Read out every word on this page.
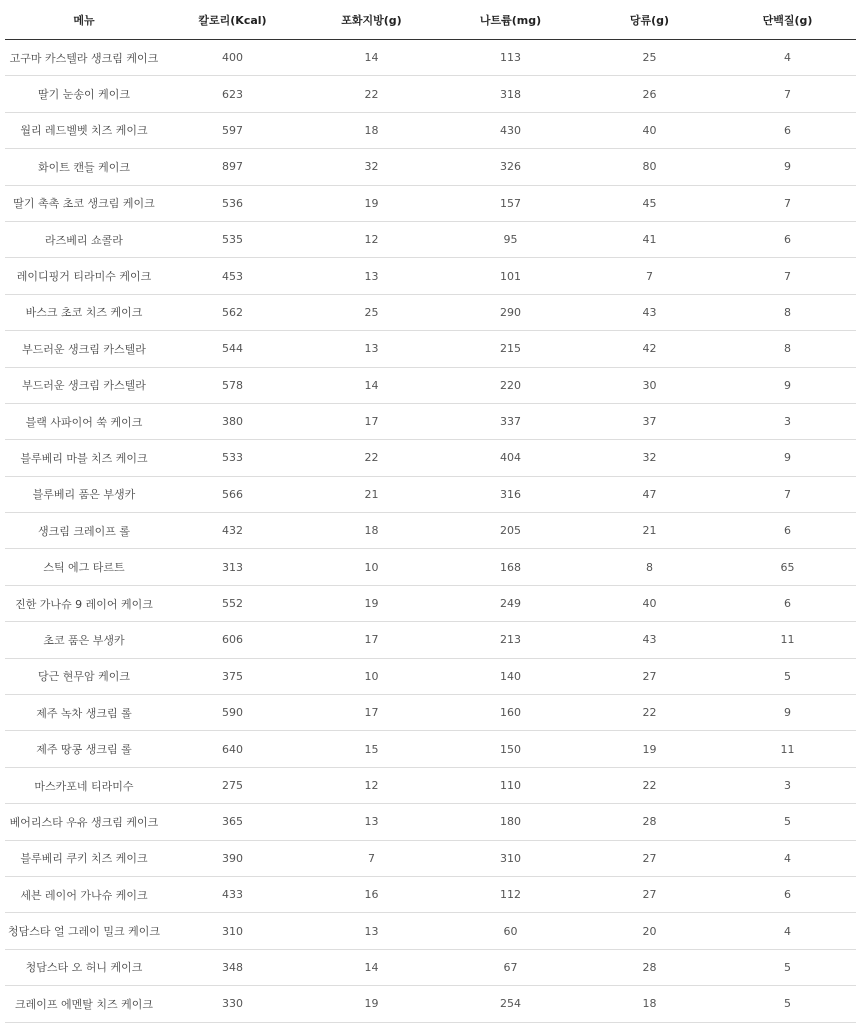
메뉴	칼로리(Kcal)	포화지방(g)	나트륨(mg)	당류(g)	단백질(g)
고구마 카스텔라 생크림 케이크	400	14	113	25	4
딸기 눈송이 케이크	623	22	318	26	7
월리 레드벨벳 치즈 케이크	597	18	430	40	6
화이트 캔들 케이크	897	32	326	80	9
딸기 촉촉 초코 생크림 케이크	536	19	157	45	7
라즈베리 쇼콜라	535	12	95	41	6
레이디핑거 티라미수 케이크	453	13	101	7	7
바스크 초코 치즈 케이크	562	25	290	43	8
부드러운 생크림 카스텔라	544	13	215	42	8
부드러운 생크림 카스텔라	578	14	220	30	9
블랙 사파이어 쑥 케이크	380	17	337	37	3
블루베리 마블 치즈 케이크	533	22	404	32	9
블루베리 품은 부생카	566	21	316	47	7
생크림 크레이프 롤	432	18	205	21	6
스틱 에그 타르트	313	10	168	8	65
진한 가나슈 9 레이어 케이크	552	19	249	40	6
초코 품은 부생카	606	17	213	43	11
당근 현무암 케이크	375	10	140	27	5
제주 녹차 생크림 롤	590	17	160	22	9
제주 땅콩 생크림 롤	640	15	150	19	11
마스카포네 티라미수	275	12	110	22	3
베어리스타 우유 생크림 케이크	365	13	180	28	5
블루베리 쿠키 치즈 케이크	390	7	310	27	4
세븐 레이어 가나슈 케이크	433	16	112	27	6
청담스타 얼 그레이 밀크 케이크	310	13	60	20	4
청담스타 오 허니 케이크	348	14	67	28	5
크레이프 에멘탈 치즈 케이크	330	19	254	18	5
